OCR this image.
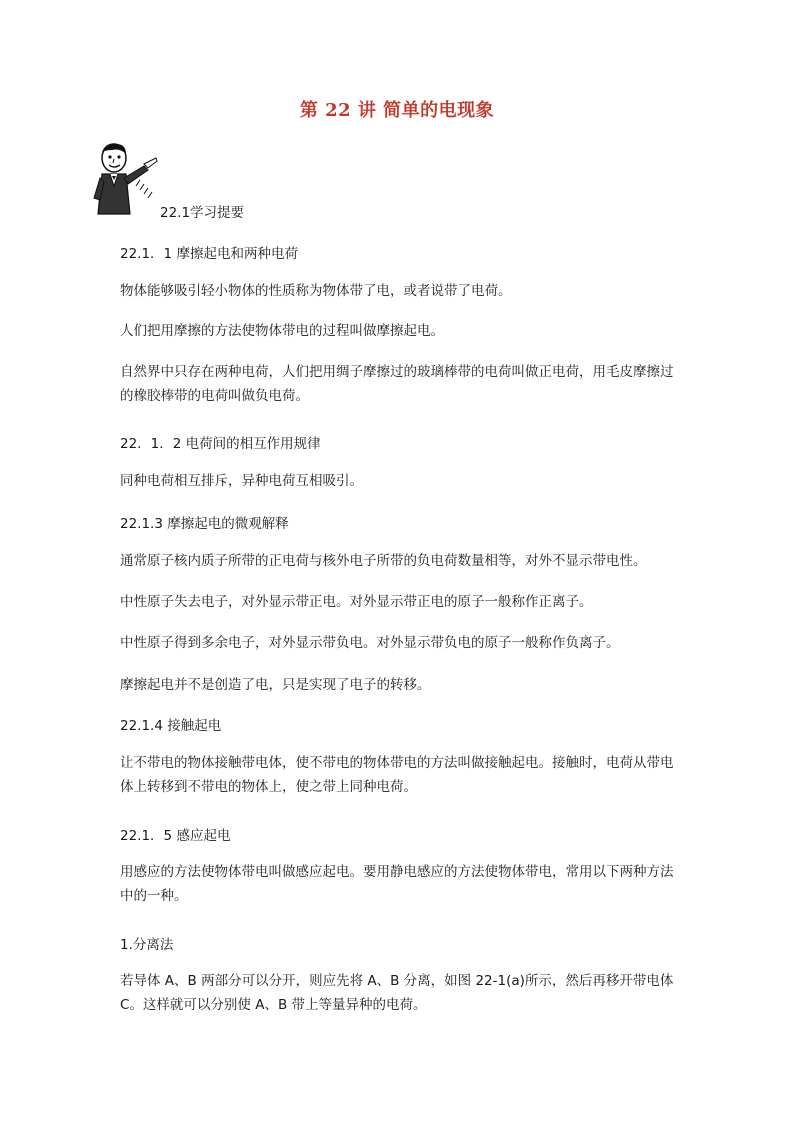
第 22 讲 简单的电现象
22.1学习提要
22.1．1 摩擦起电和两种电荷
物体能够吸引轻小物体的性质称为物体带了电，或者说带了电荷。
人们把用摩擦的方法使物体带电的过程叫做摩擦起电。
自然界中只存在两种电荷，人们把用绸子摩擦过的玻璃棒带的电荷叫做正电荷，用毛皮摩擦过的橡胶棒带的电荷叫做负电荷。
22．1．2 电荷间的相互作用规律
同种电荷相互排斥，异种电荷互相吸引。
22.1.3 摩擦起电的微观解释
通常原子核内质子所带的正电荷与核外电子所带的负电荷数量相等，对外不显示带电性。
中性原子失去电子，对外显示带正电。对外显示带正电的原子一般称作正离子。
中性原子得到多余电子，对外显示带负电。对外显示带负电的原子一般称作负离子。
摩擦起电并不是创造了电，只是实现了电子的转移。
22.1.4 接触起电
让不带电的物体接触带电体，使不带电的物体带电的方法叫做接触起电。接触时，电荷从带电体上转移到不带电的物体上，使之带上同种电荷。
22.1．5 感应起电
用感应的方法使物体带电叫做感应起电。要用静电感应的方法使物体带电，常用以下两种方法中的一种。
1.分离法
若导体 A、B 两部分可以分开，则应先将 A、B 分离，如图 22-1(a)所示，然后再移开带电体 C。这样就可以分别使 A、B 带上等量异种的电荷。
